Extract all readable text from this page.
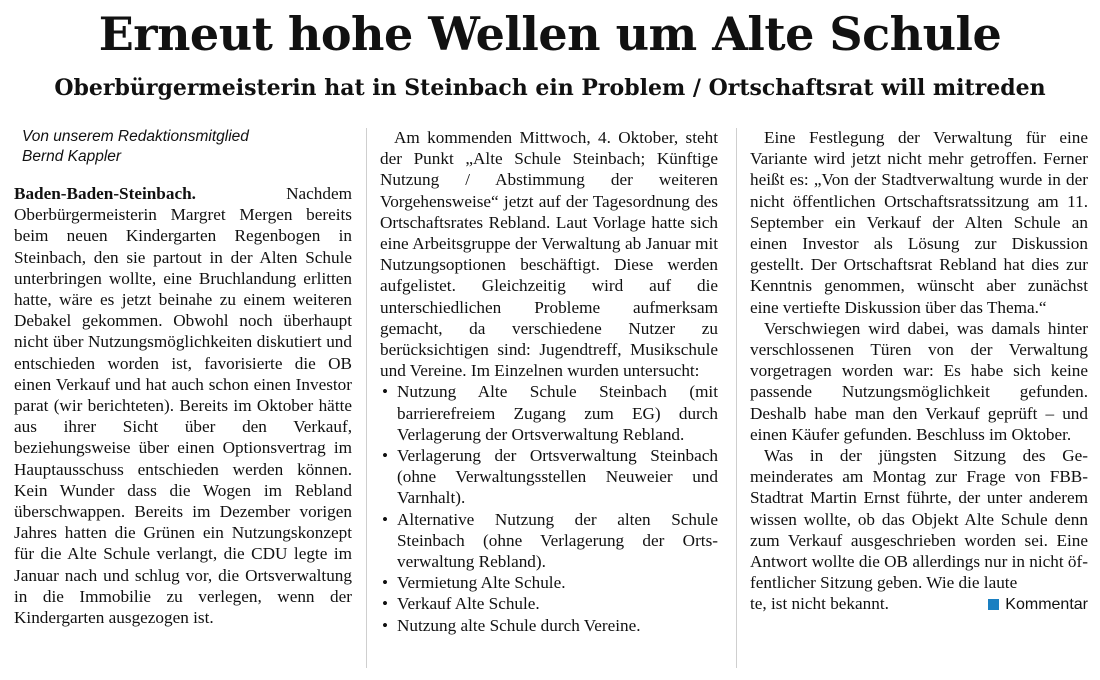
Erneut hohe Wellen um Alte Schule
Oberbürgermeisterin hat in Steinbach ein Problem / Ortschaftsrat will mitreden

Von unserem Redaktionsmitglied

Bernd Kappler

Baden-Baden-Steinbach.	Nachdem Oberbürgermeisterin Margret Mergen bereits beim neuen Kindergarten Regenbogen in Steinbach, den sie partout in der Alten Schule unterbringen wollte, eine Bruchlandung erlitten hatte, wäre es jetzt beinahe zu einem weiteren Debakel gekommen. Obwohl noch überhaupt nicht über Nutzungsmöglichkeiten diskutiert und entschieden worden ist, favorisierte die OB einen Verkauf und hat auch schon einen Investor parat (wir berichteten). Bereits im Oktober hätte aus ihrer Sicht über den Verkauf, beziehungsweise über einen Optionsvertrag im Hauptausschuss entschieden werden können. Kein Wunder dass die Wogen im Rebland überschwappen. Bereits im Dezember vorigen Jahres hatten die Grünen ein Nutzungskonzept für die Alte Schule verlangt, die CDU legte im Januar nach und schlug vor, die Ortsverwaltung in die Immobilie zu verlegen, wenn der Kindergarten ausgezogen ist.

Am kommenden Mittwoch, 4. Oktober, steht der Punkt „Alte Schule Steinbach; Künftige Nutzung / Abstimmung der weiteren Vorgehensweise“ jetzt auf der Tagesordnung des Ortschaftsrates Rebland. Laut Vorlage hatte sich eine Arbeitsgruppe der Verwaltung ab Januar mit Nutzungsoptionen beschäftigt. Diese werden aufgelistet. Gleichzeitig wird auf die unterschiedlichen Probleme aufmerksam gemacht, da verschiedene Nutzer zu berücksichtigen sind: Jugendtreff, Musikschule und Vereine. Im Einzelnen wurden untersucht:

• Nutzung Alte Schule Steinbach (mit barrierefreiem Zugang zum EG) durch Verlagerung der Ortsverwaltung Rebland.
• Verlagerung der Ortsverwaltung Steinbach (ohne Verwaltungsstellen Neuweier und Varnhalt).
• Alternative Nutzung der alten Schule Steinbach (ohne Verlagerung der Ortsverwaltung Rebland).
• Vermietung Alte Schule.
• Verkauf Alte Schule.
• Nutzung alte Schule durch Vereine.

Eine Festlegung der Verwaltung für eine Variante wird jetzt nicht mehr getroffen. Ferner heißt es: „Von der Stadtverwaltung wurde in der nicht öffentlichen Ortschaftsratssitzung am 11. September ein Verkauf der Alten Schule an einen Investor als Lösung zur Diskussion gestellt. Der Ortschaftsrat Rebland hat dies zur Kenntnis genommen, wünscht aber zunächst eine vertiefte Diskussion über das Thema.“

Verschwiegen wird dabei, was damals hinter verschlossenen Türen von der Verwaltung vorgetragen worden war: Es habe sich keine passende Nutzungsmöglichkeit gefunden. Deshalb habe man den Verkauf geprüft – und einen Käufer gefunden. Beschluss im Oktober.

Was in der jüngsten Sitzung des Gemeinderates am Montag zur Frage von FBB-Stadtrat Martin Ernst führte, der unter anderem wissen wollte, ob das Objekt Alte Schule denn zum Verkauf ausgeschrieben worden sei. Eine Antwort wollte die OB allerdings nur in nicht öffentlicher Sitzung geben. Wie die laute

te, ist nicht bekannt.	Kommentar
